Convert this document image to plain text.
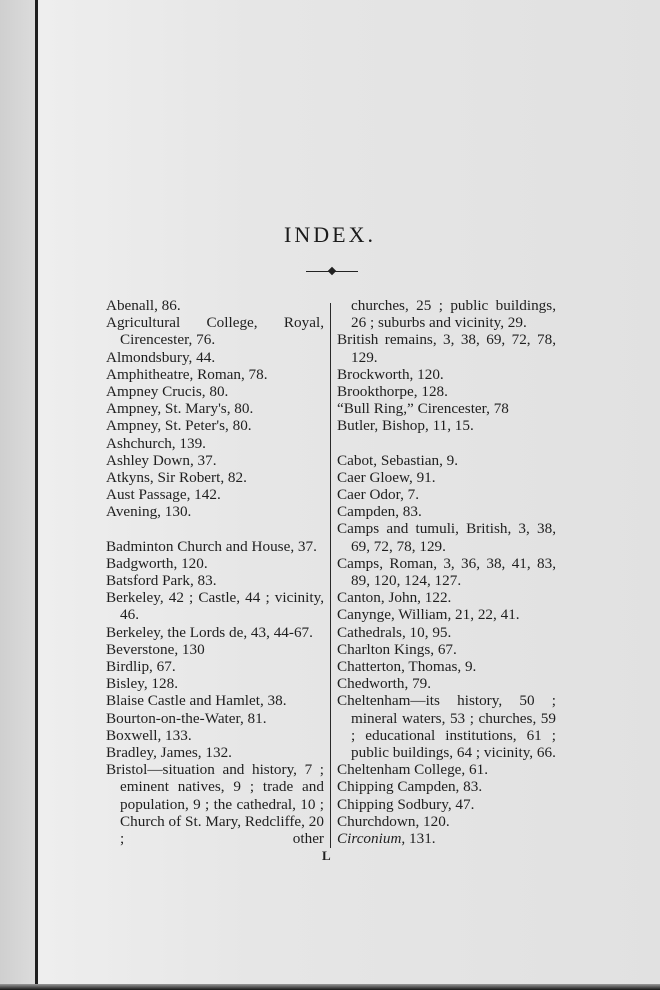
INDEX.
Abenall, 86.
Agricultural College, Royal, Cirencester, 76.
Almondsbury, 44.
Amphitheatre, Roman, 78.
Ampney Crucis, 80.
Ampney, St. Mary's, 80.
Ampney, St. Peter's, 80.
Ashchurch, 139.
Ashley Down, 37.
Atkyns, Sir Robert, 82.
Aust Passage, 142.
Avening, 130.
Badminton Church and House, 37.
Badgworth, 120.
Batsford Park, 83.
Berkeley, 42 ; Castle, 44 ; vicinity, 46.
Berkeley, the Lords de, 43, 44-67.
Beverstone, 130
Birdlip, 67.
Bisley, 128.
Blaise Castle and Hamlet, 38.
Bourton-on-the-Water, 81.
Boxwell, 133.
Bradley, James, 132.
Bristol—situation and history, 7 ; eminent natives, 9 ; trade and population, 9 ; the cathedral, 10 ; Church of St. Mary, Redcliffe, 20 ; other
churches, 25 ; public buildings, 26 ; suburbs and vicinity, 29.
British remains, 3, 38, 69, 72, 78, 129.
Brockworth, 120.
Brookthorpe, 128.
“Bull Ring,” Cirencester, 78
Butler, Bishop, 11, 15.
Cabot, Sebastian, 9.
Caer Gloew, 91.
Caer Odor, 7.
Campden, 83.
Camps and tumuli, British, 3, 38, 69, 72, 78, 129.
Camps, Roman, 3, 36, 38, 41, 83, 89, 120, 124, 127.
Canton, John, 122.
Canynge, William, 21, 22, 41.
Cathedrals, 10, 95.
Charlton Kings, 67.
Chatterton, Thomas, 9.
Chedworth, 79.
Cheltenham—its history, 50 ; mineral waters, 53 ; churches, 59 ; educational institutions, 61 ; public buildings, 64 ; vicinity, 66.
Cheltenham College, 61.
Chipping Campden, 83.
Chipping Sodbury, 47.
Churchdown, 120.
Circonium, 131.
L
